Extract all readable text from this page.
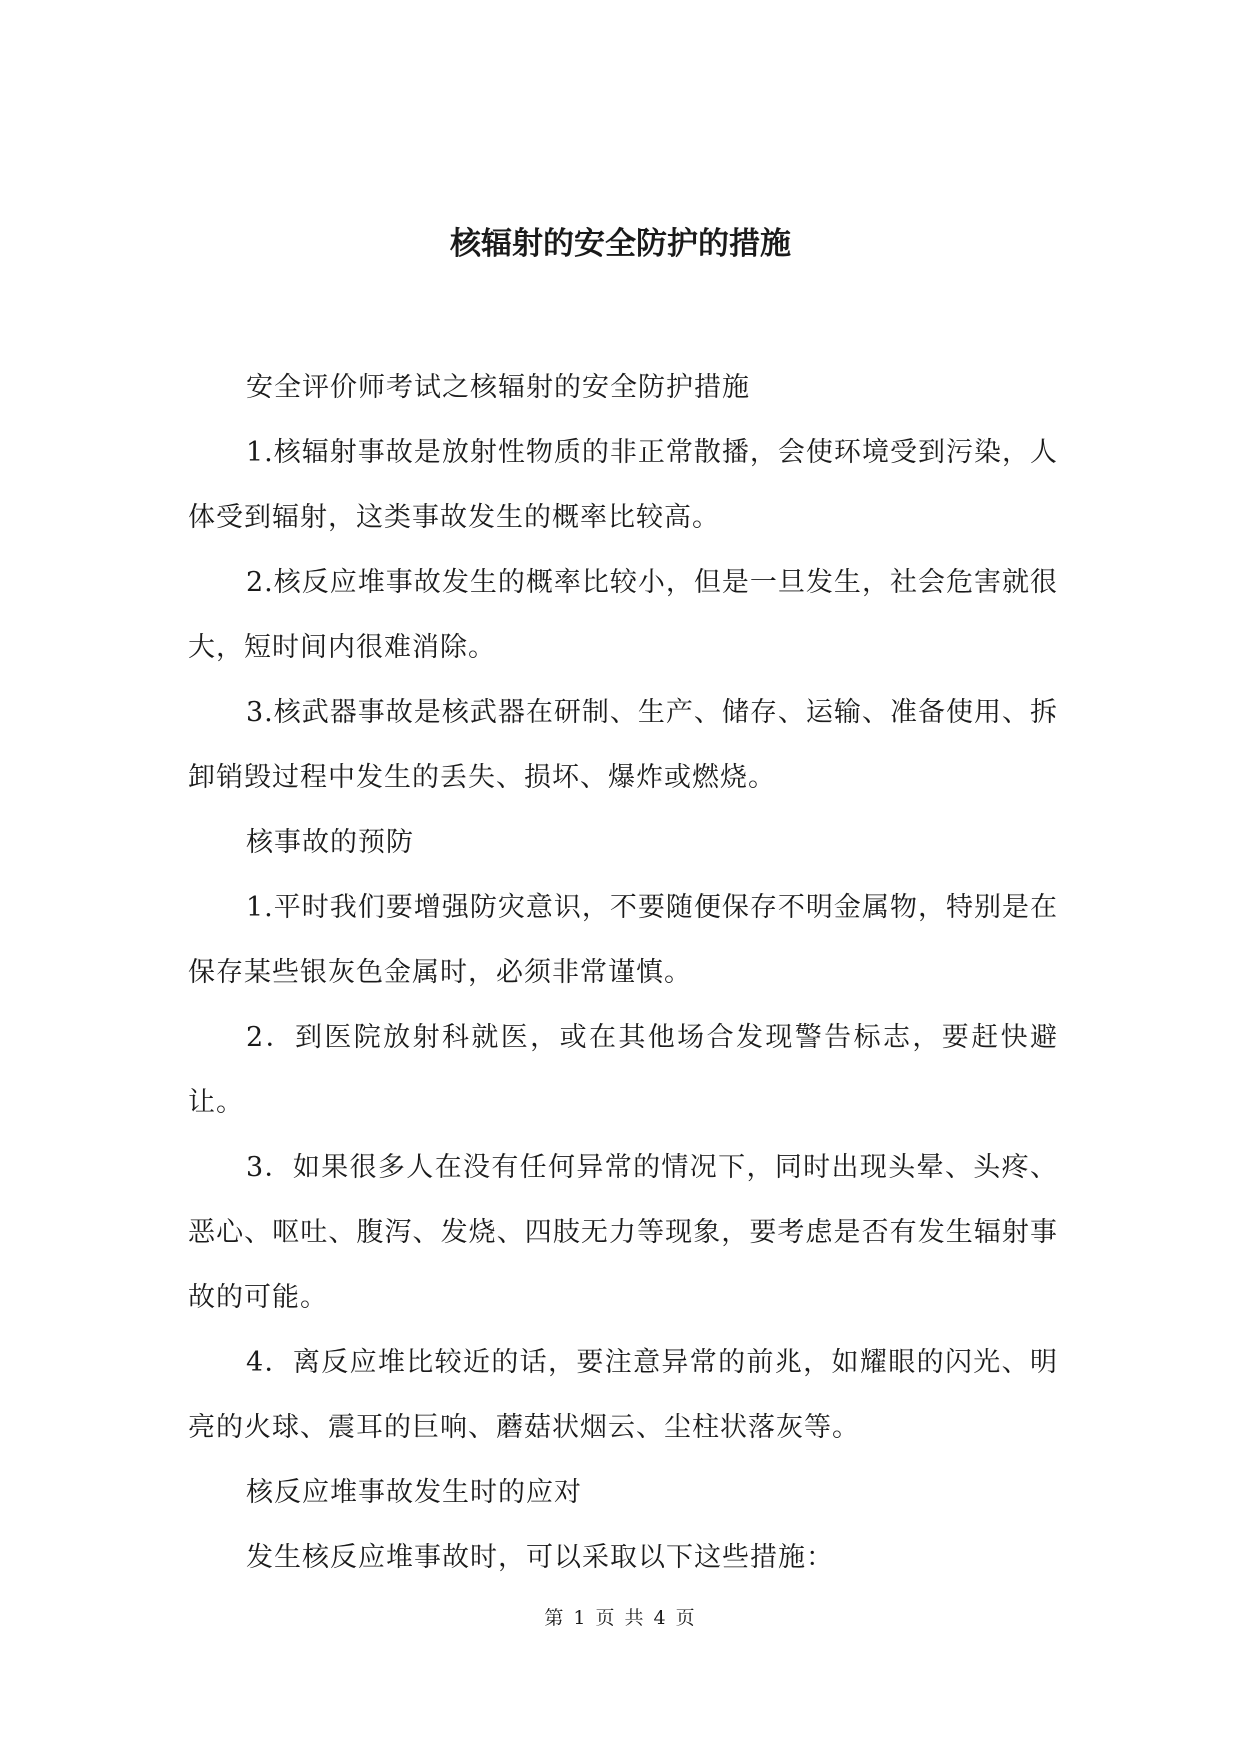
核辐射的安全防护的措施

安全评价师考试之核辐射的安全防护措施

1.核辐射事故是放射性物质的非正常散播，会使环境受到污染，人体受到辐射，这类事故发生的概率比较高。

2.核反应堆事故发生的概率比较小，但是一旦发生，社会危害就很大，短时间内很难消除。

3.核武器事故是核武器在研制、生产、储存、运输、准备使用、拆卸销毁过程中发生的丢失、损坏、爆炸或燃烧。

核事故的预防

1.平时我们要增强防灾意识，不要随便保存不明金属物，特别是在保存某些银灰色金属时，必须非常谨慎。

2．到医院放射科就医，或在其他场合发现警告标志，要赶快避让。

3．如果很多人在没有任何异常的情况下，同时出现头晕、头疼、恶心、呕吐、腹泻、发烧、四肢无力等现象，要考虑是否有发生辐射事故的可能。

4．离反应堆比较近的话，要注意异常的前兆，如耀眼的闪光、明亮的火球、震耳的巨响、蘑菇状烟云、尘柱状落灰等。

核反应堆事故发生时的应对

发生核反应堆事故时，可以采取以下这些措施：

第 1 页 共 4 页
